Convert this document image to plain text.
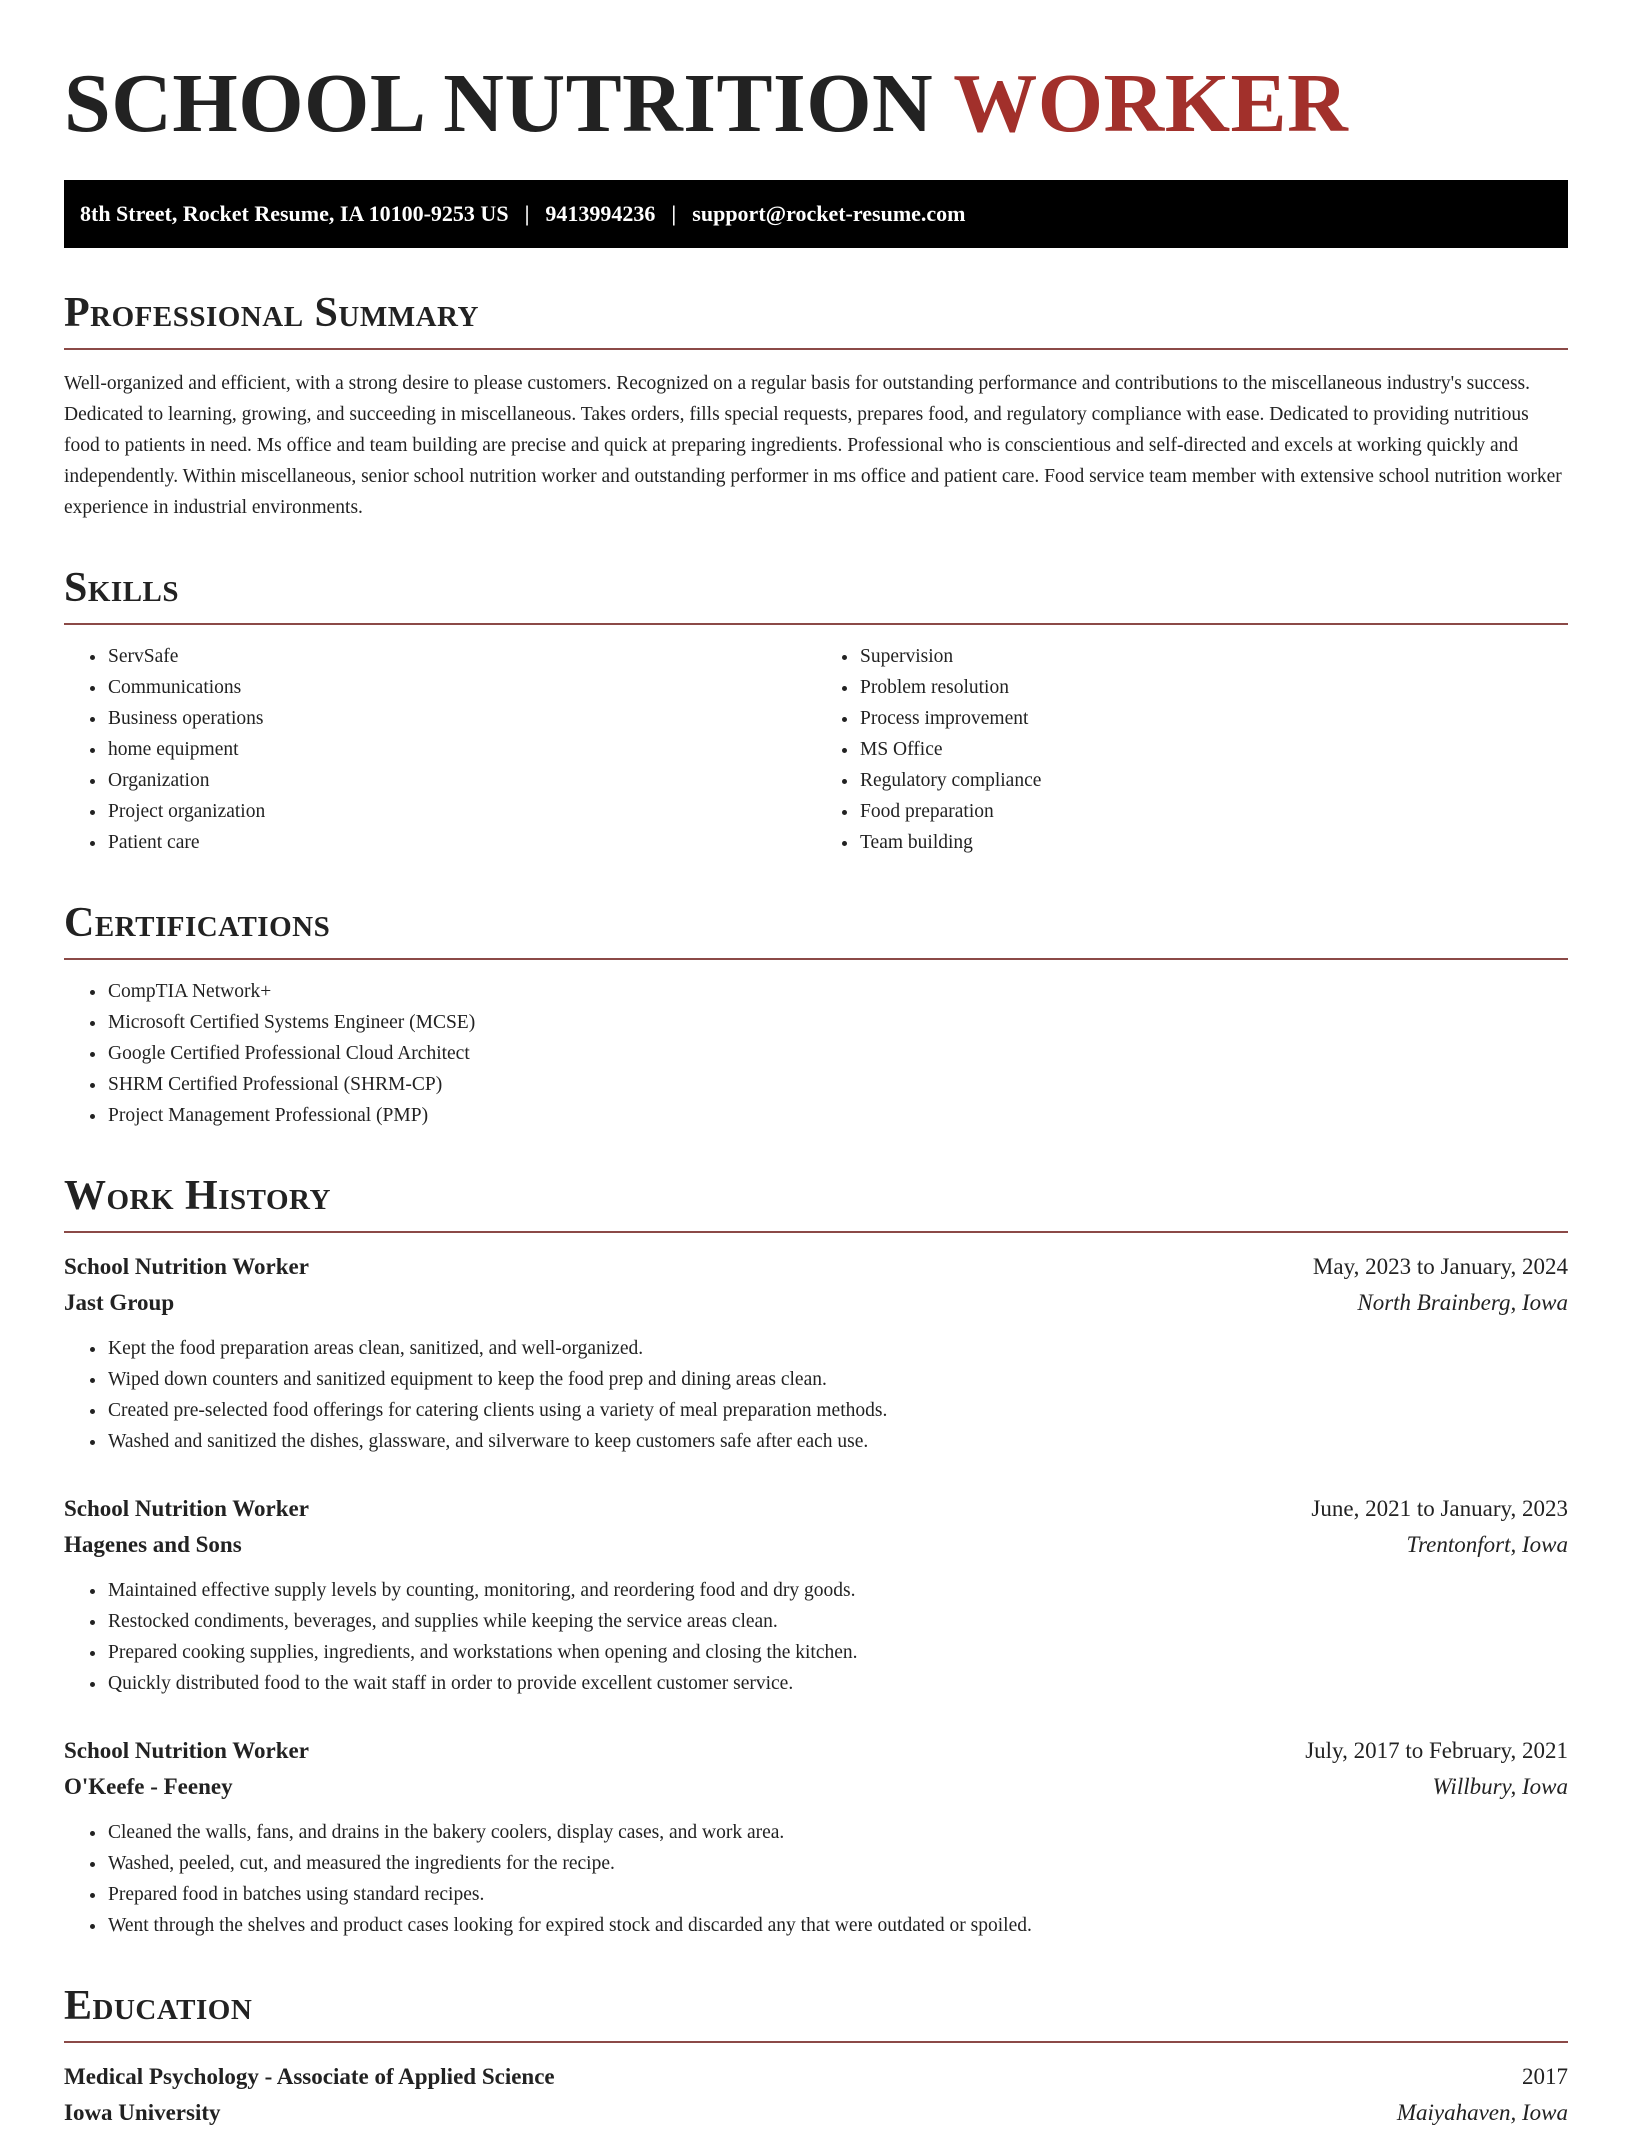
SCHOOL NUTRITION WORKER
8th Street, Rocket Resume, IA 10100-9253 US | 9413994236 | support@rocket-resume.com
Professional Summary

Well-organized and efficient, with a strong desire to please customers. Recognized on a regular basis for outstanding performance and contributions to the miscellaneous industry's success. Dedicated to learning, growing, and succeeding in miscellaneous. Takes orders, fills special requests, prepares food, and regulatory compliance with ease. Dedicated to providing nutritious food to patients in need. Ms office and team building are precise and quick at preparing ingredients. Professional who is conscientious and self-directed and excels at working quickly and independently. Within miscellaneous, senior school nutrition worker and outstanding performer in ms office and patient care. Food service team member with extensive school nutrition worker experience in industrial environments.

Skills
• ServSafe
• Communications
• Business operations
• home equipment
• Organization
• Project organization
• Patient care
• Supervision
• Problem resolution
• Process improvement
• MS Office
• Regulatory compliance
• Food preparation
• Team building
Certifications
• CompTIA Network+
• Microsoft Certified Systems Engineer (MCSE)
• Google Certified Professional Cloud Architect
• SHRM Certified Professional (SHRM-CP)
• Project Management Professional (PMP)
Work History
School Nutrition Worker	May, 2023 to January, 2024
Jast Group	North Brainberg, Iowa
• Kept the food preparation areas clean, sanitized, and well-organized.
• Wiped down counters and sanitized equipment to keep the food prep and dining areas clean.
• Created pre-selected food offerings for catering clients using a variety of meal preparation methods.
• Washed and sanitized the dishes, glassware, and silverware to keep customers safe after each use.
School Nutrition Worker	June, 2021 to January, 2023
Hagenes and Sons	Trentonfort, Iowa
• Maintained effective supply levels by counting, monitoring, and reordering food and dry goods.
• Restocked condiments, beverages, and supplies while keeping the service areas clean.
• Prepared cooking supplies, ingredients, and workstations when opening and closing the kitchen.
• Quickly distributed food to the wait staff in order to provide excellent customer service.
School Nutrition Worker	July, 2017 to February, 2021
O'Keefe - Feeney	Willbury, Iowa
• Cleaned the walls, fans, and drains in the bakery coolers, display cases, and work area.
• Washed, peeled, cut, and measured the ingredients for the recipe.
• Prepared food in batches using standard recipes.
• Went through the shelves and product cases looking for expired stock and discarded any that were outdated or spoiled.
Education
Medical Psychology - Associate of Applied Science	2017
Iowa University	Maiyahaven, Iowa
